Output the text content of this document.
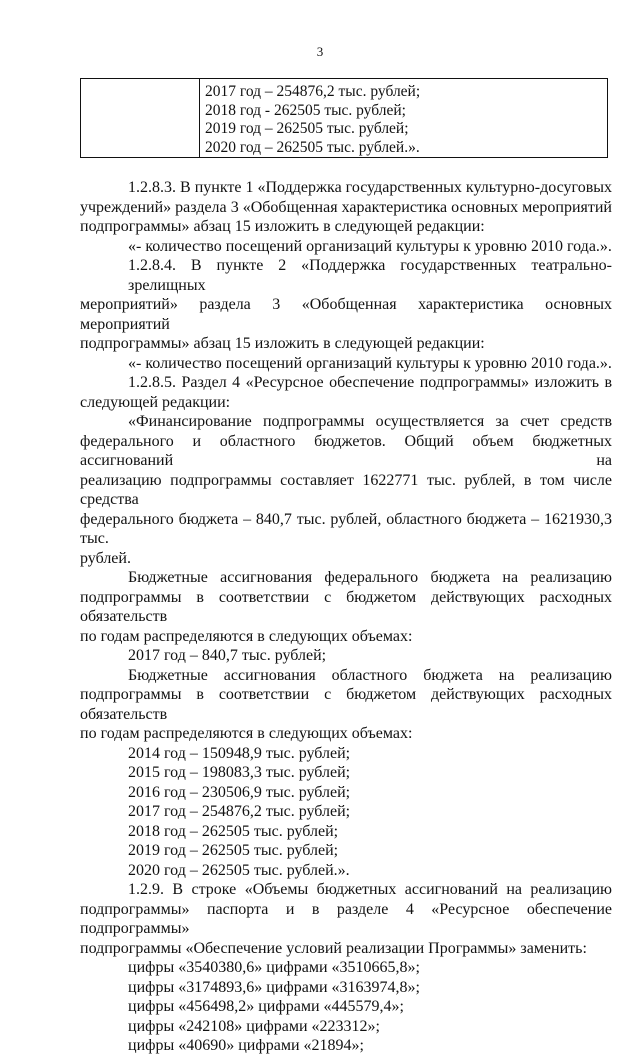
3

2017 год – 254876,2 тыс. рублей;
2018 год - 262505 тыс. рублей;
2019 год – 262505 тыс. рублей;
2020 год – 262505 тыс. рублей.».
1.2.8.3. В пункте 1 «Поддержка государственных культурно-досуговых
учреждений» раздела 3 «Обобщенная характеристика основных мероприятий
подпрограммы» абзац 15 изложить в следующей редакции:
«- количество посещений организаций культуры к уровню 2010 года.».
1.2.8.4. В пункте 2 «Поддержка государственных театрально-зрелищных
мероприятий» раздела 3 «Обобщенная характеристика основных мероприятий
подпрограммы» абзац 15 изложить в следующей редакции:
«- количество посещений организаций культуры к уровню 2010 года.».
1.2.8.5. Раздел 4 «Ресурсное обеспечение подпрограммы» изложить в
следующей редакции:
«Финансирование подпрограммы осуществляется за счет средств
федерального и областного бюджетов. Общий объем бюджетных ассигнований на
реализацию подпрограммы составляет 1622771 тыс. рублей, в том числе средства
федерального бюджета – 840,7 тыс. рублей, областного бюджета – 1621930,3 тыс.
рублей.
Бюджетные ассигнования федерального бюджета на реализацию
подпрограммы в соответствии с бюджетом действующих расходных обязательств
по годам распределяются в следующих объемах:
2017 год – 840,7 тыс. рублей;
Бюджетные ассигнования областного бюджета на реализацию
подпрограммы в соответствии с бюджетом действующих расходных обязательств
по годам распределяются в следующих объемах:
2014 год – 150948,9 тыс. рублей;
2015 год – 198083,3 тыс. рублей;
2016 год – 230506,9 тыс. рублей;
2017 год – 254876,2 тыс. рублей;
2018 год – 262505 тыс. рублей;
2019 год – 262505 тыс. рублей;
2020 год – 262505 тыс. рублей.».
1.2.9. В строке «Объемы бюджетных ассигнований на реализацию
подпрограммы» паспорта и в разделе 4 «Ресурсное обеспечение подпрограммы»
подпрограммы «Обеспечение условий реализации Программы» заменить:
цифры «3540380,6» цифрами «3510665,8»;
цифры «3174893,6» цифрами «3163974,8»;
цифры «456498,2» цифрами «445579,4»;
цифры «242108» цифрами «223312»;
цифры «40690» цифрами «21894»;
